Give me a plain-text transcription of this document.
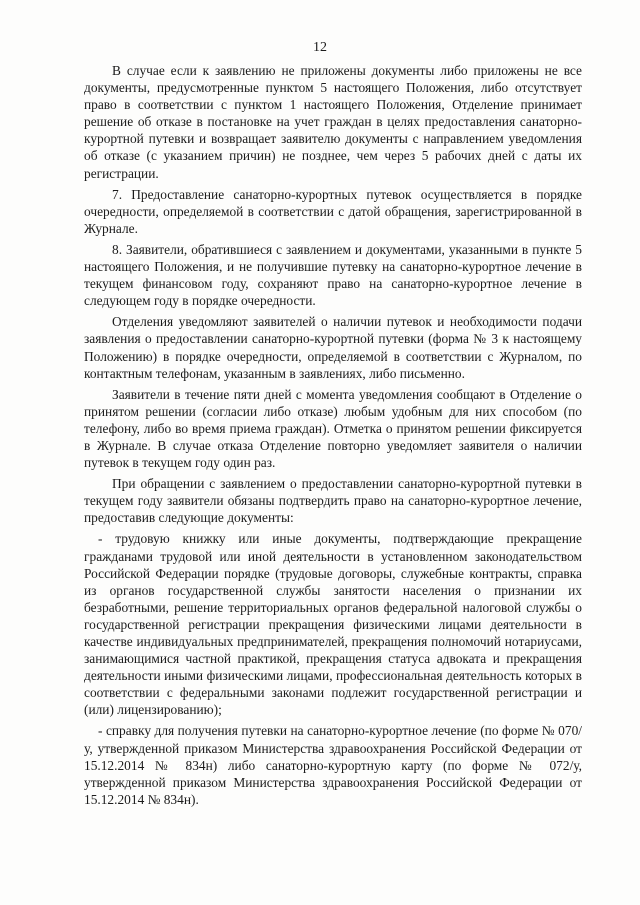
12

В случае если к заявлению не приложены документы либо приложены не все документы, предусмотренные пунктом 5 настоящего Положения, либо отсутствует право в соответствии с пунктом 1 настоящего Положения, Отделение принимает решение об отказе в постановке на учет граждан в целях предоставления санаторно-курортной путевки и возвращает заявителю документы с направлением уведомления об отказе (с указанием причин) не позднее, чем через 5 рабочих дней с даты их регистрации.

7. Предоставление санаторно-курортных путевок осуществляется в порядке очередности, определяемой в соответствии с датой обращения, зарегистрированной в Журнале.

8. Заявители, обратившиеся с заявлением и документами, указанными в пункте 5 настоящего Положения, и не получившие путевку на санаторно-курортное лечение в текущем финансовом году, сохраняют право на санаторно-курортное лечение в следующем году в порядке очередности.

Отделения уведомляют заявителей о наличии путевок и необходимости подачи заявления о предоставлении санаторно-курортной путевки (форма № 3 к настоящему Положению) в порядке очередности, определяемой в соответствии с Журналом, по контактным телефонам, указанным в заявлениях, либо письменно.

Заявители в течение пяти дней с момента уведомления сообщают в Отделение о принятом решении (согласии либо отказе) любым удобным для них способом (по телефону, либо во время приема граждан). Отметка о принятом решении фиксируется в Журнале. В случае отказа Отделение повторно уведомляет заявителя о наличии путевок в текущем году один раз.

При обращении с заявлением о предоставлении санаторно-курортной путевки в текущем году заявители обязаны подтвердить право на санаторно-курортное лечение, предоставив следующие документы:

- трудовую книжку или иные документы, подтверждающие прекращение гражданами трудовой или иной деятельности в установленном законодательством Российской Федерации порядке (трудовые договоры, служебные контракты, справка из органов государственной службы занятости населения о признании их безработными, решение территориальных органов федеральной налоговой службы о государственной регистрации прекращения физическими лицами деятельности в качестве индивидуальных предпринимателей, прекращения полномочий нотариусами, занимающимися частной практикой, прекращения статуса адвоката и прекращения деятельности иными физическими лицами, профессиональная деятельность которых в соответствии с федеральными законами подлежит государственной регистрации и (или) лицензированию);

- справку для получения путевки на санаторно-курортное лечение (по форме № 070/у, утвержденной приказом Министерства здравоохранения Российской Федерации от 15.12.2014 № 834н) либо санаторно-курортную карту (по форме № 072/у, утвержденной приказом Министерства здравоохранения Российской Федерации от 15.12.2014 № 834н).
